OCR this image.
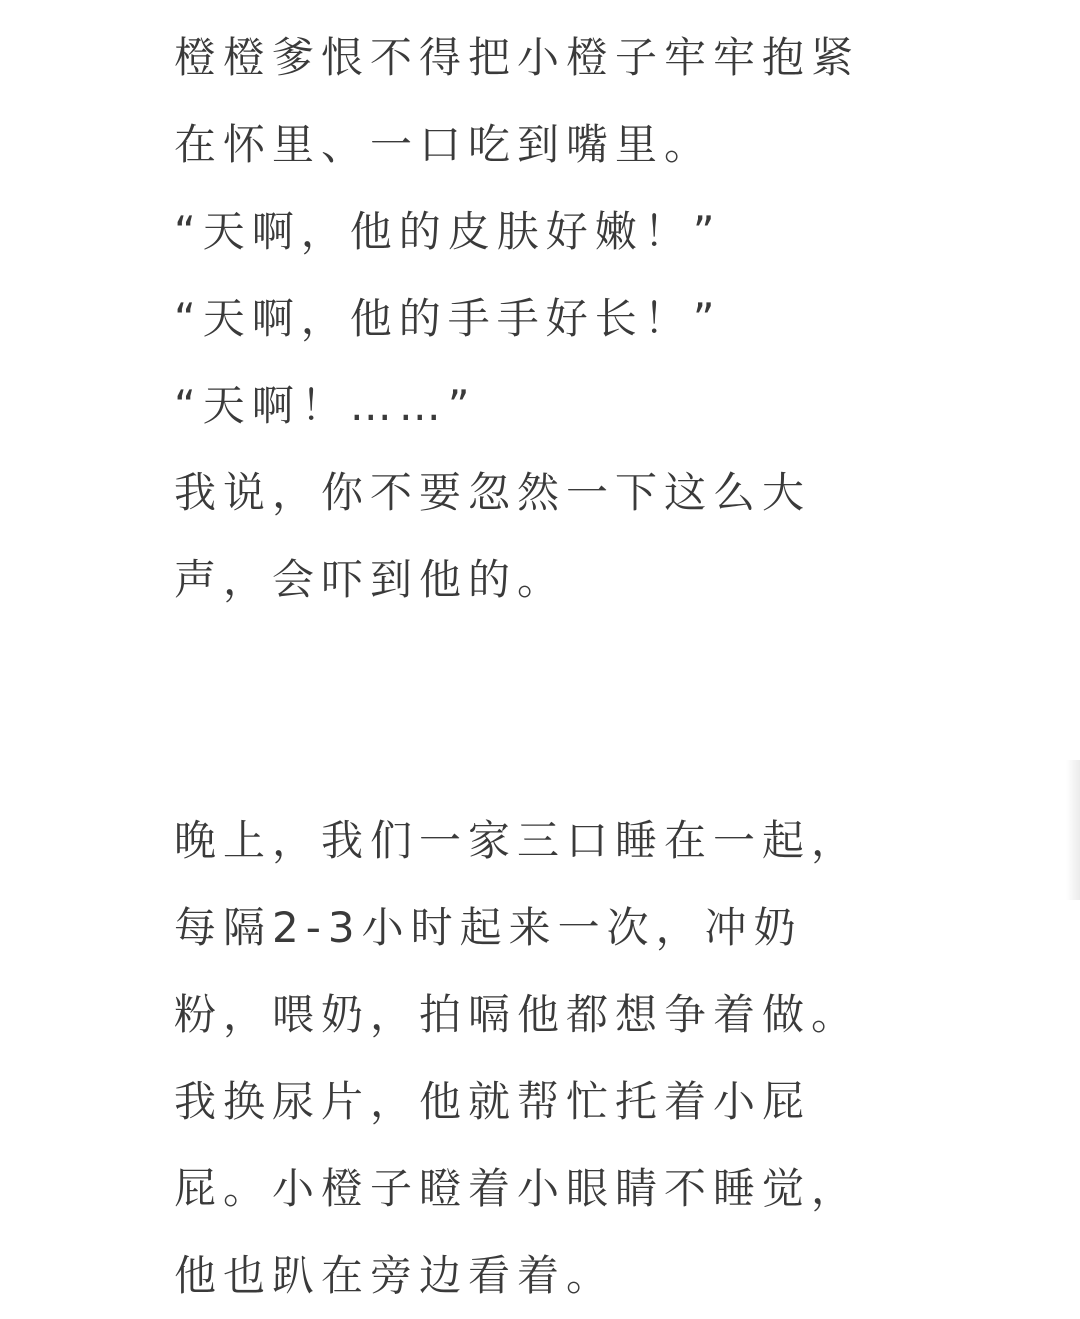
橙橙爹恨不得把小橙子牢牢抱紧
在怀里、一口吃到嘴里。
“天啊，他的皮肤好嫩！”
“天啊，他的手手好长！”
“天啊！……”
我说，你不要忽然一下这么大
声，会吓到他的。
晚上，我们一家三口睡在一起，
每隔2-3小时起来一次，冲奶
粉，喂奶，拍嗝他都想争着做。
我换尿片，他就帮忙托着小屁
屁。小橙子瞪着小眼睛不睡觉，
他也趴在旁边看着。
